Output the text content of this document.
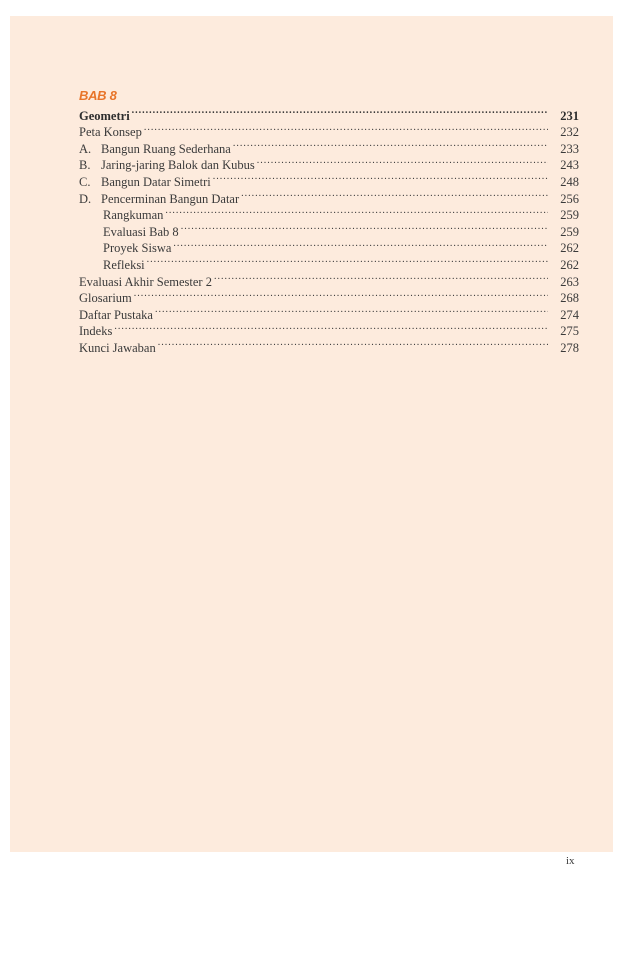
BAB 8
Geometri .....	231
Peta Konsep .....	232
A. Bangun Ruang Sederhana .....	233
B. Jaring-jaring Balok dan Kubus .....	243
C. Bangun Datar Simetri .....	248
D. Pencerminan Bangun Datar .....	256
Rangkuman .....	259
Evaluasi Bab 8 .....	259
Proyek Siswa .....	262
Refleksi .....	262
Evaluasi Akhir Semester 2 .....	263
Glosarium .....	268
Daftar Pustaka .....	274
Indeks .....	275
Kunci Jawaban .....	278
ix
